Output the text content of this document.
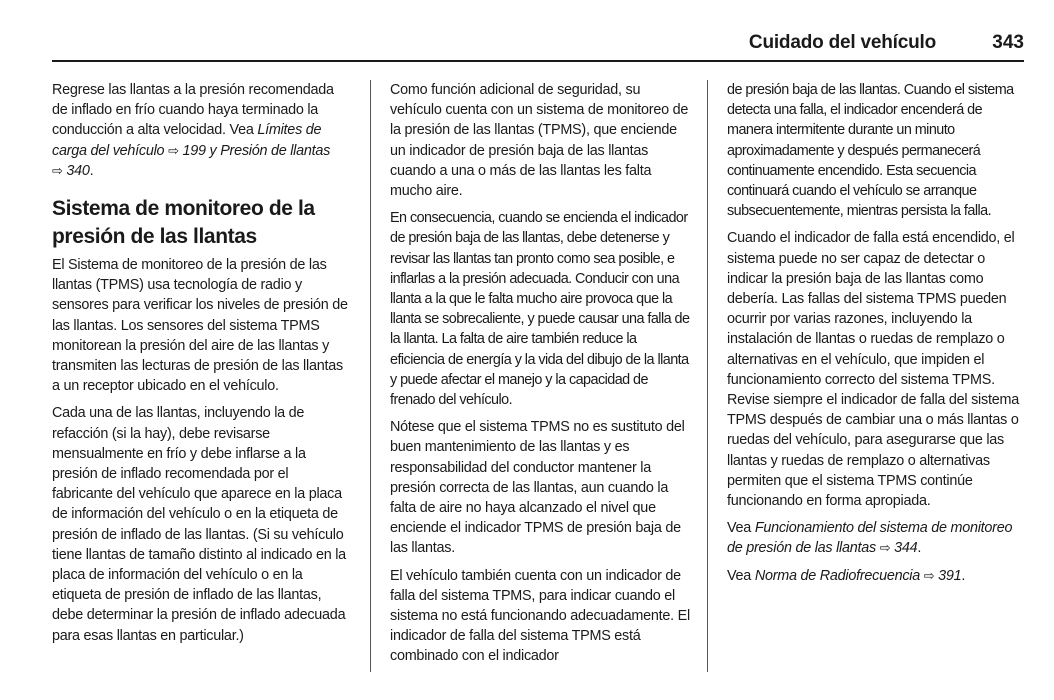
Cuidado del vehículo	343

Regrese las llantas a la presión recomendada de inflado en frío cuando haya terminado la conducción a alta velocidad. Vea Límites de carga del vehículo ⇨ 199 y Presión de llantas
⇨ 340.

Sistema de monitoreo de la presión de las llantas

El Sistema de monitoreo de la presión de las llantas (TPMS) usa tecnología de radio y sensores para verificar los niveles de presión de las llantas. Los sensores del sistema TPMS monitorean la presión del aire de las llantas y transmiten las lecturas de presión de las llantas a un receptor ubicado en el vehículo.

Cada una de las llantas, incluyendo la de refacción (si la hay), debe revisarse mensualmente en frío y debe inflarse a la presión de inflado recomendada por el fabricante del vehículo que aparece en la placa de información del vehículo o en la etiqueta de presión de inflado de las llantas. (Si su vehículo tiene llantas de tamaño distinto al indicado en la placa de información del vehículo o en la etiqueta de presión de inflado de las llantas, debe determinar la presión de inflado adecuada para esas llantas en particular.)

Como función adicional de seguridad, su vehículo cuenta con un sistema de monitoreo de la presión de las llantas (TPMS), que enciende un indicador de presión baja de las llantas cuando a una o más de las llantas les falta mucho aire.

En consecuencia, cuando se encienda el indicador de presión baja de las llantas, debe detenerse y revisar las llantas tan pronto como sea posible, e inflarlas a la presión adecuada. Conducir con una llanta a la que le falta mucho aire provoca que la llanta se sobrecaliente, y puede causar una falla de la llanta. La falta de aire también reduce la eficiencia de energía y la vida del dibujo de la llanta y puede afectar el manejo y la capacidad de frenado del vehículo.

Nótese que el sistema TPMS no es sustituto del buen mantenimiento de las llantas y es responsabilidad del conductor mantener la presión correcta de las llantas, aun cuando la falta de aire no haya alcanzado el nivel que enciende el indicador TPMS de presión baja de las llantas.

El vehículo también cuenta con un indicador de falla del sistema TPMS, para indicar cuando el sistema no está funcionando adecuadamente. El indicador de falla del sistema TPMS está combinado con el indicador

de presión baja de las llantas. Cuando el sistema detecta una falla, el indicador encenderá de manera intermitente durante un minuto aproximadamente y después permanecerá continuamente encendido. Esta secuencia continuará cuando el vehículo se arranque subsecuentemente, mientras persista la falla.

Cuando el indicador de falla está encendido, el sistema puede no ser capaz de detectar o indicar la presión baja de las llantas como debería. Las fallas del sistema TPMS pueden ocurrir por varias razones, incluyendo la instalación de llantas o ruedas de remplazo o alternativas en el vehículo, que impiden el funcionamiento correcto del sistema TPMS. Revise siempre el indicador de falla del sistema TPMS después de cambiar una o más llantas o ruedas del vehículo, para asegurarse que las llantas y ruedas de remplazo o alternativas permiten que el sistema TPMS continúe funcionando en forma apropiada.

Vea Funcionamiento del sistema de monitoreo de presión de las llantas ⇨ 344.

Vea Norma de Radiofrecuencia ⇨ 391.
